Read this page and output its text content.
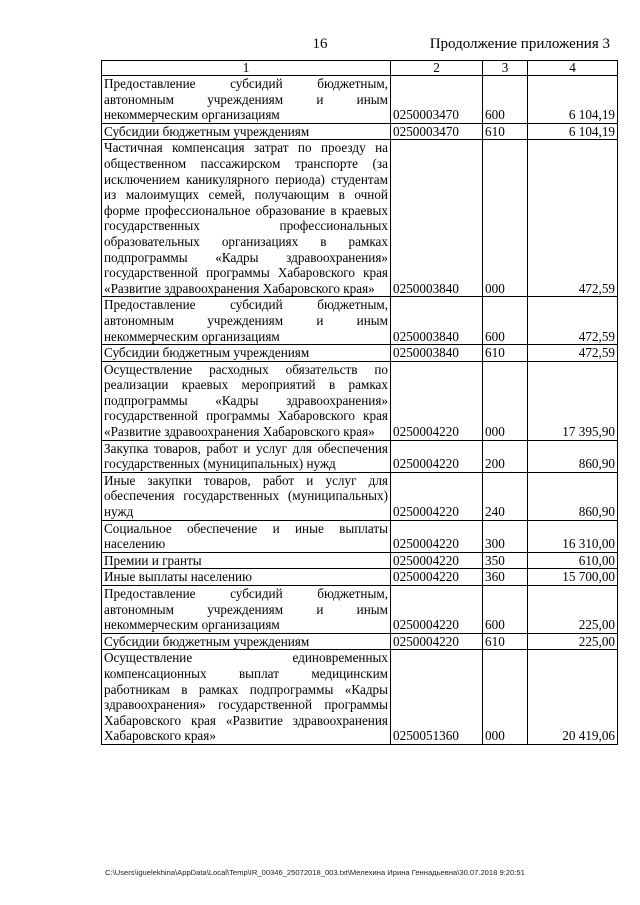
16	Продолжение приложения 3
1	2	3	4
Предоставление субсидий бюджетным, автономным учреждениям и иным некоммерческим организациям	0250003470	600	6 104,19
Субсидии бюджетным учреждениям	0250003470	610	6 104,19
Частичная компенсация затрат по проезду на общественном пассажирском транспорте (за исключением каникулярного периода) студентам из малоимущих семей, получающим в очной форме профессиональное образование в краевых государственных профессиональных образовательных организациях в рамках подпрограммы «Кадры здравоохранения» государственной программы Хабаровского края «Развитие здравоохранения Хабаровского края»	0250003840	000	472,59
Предоставление субсидий бюджетным, автономным учреждениям и иным некоммерческим организациям	0250003840	600	472,59
Субсидии бюджетным учреждениям	0250003840	610	472,59
Осуществление расходных обязательств по реализации краевых мероприятий в рамках подпрограммы «Кадры здравоохранения» государственной программы Хабаровского края «Развитие здравоохранения Хабаровского края»	0250004220	000	17 395,90
Закупка товаров, работ и услуг для обеспечения государственных (муниципальных) нужд	0250004220	200	860,90
Иные закупки товаров, работ и услуг для обеспечения государственных (муниципальных) нужд	0250004220	240	860,90
Социальное обеспечение и иные выплаты населению	0250004220	300	16 310,00
Премии и гранты	0250004220	350	610,00
Иные выплаты населению	0250004220	360	15 700,00
Предоставление субсидий бюджетным, автономным учреждениям и иным некоммерческим организациям	0250004220	600	225,00
Субсидии бюджетным учреждениям	0250004220	610	225,00
Осуществление единовременных компенсационных выплат медицинским работникам в рамках подпрограммы «Кадры здравоохранения» государственной программы Хабаровского края «Развитие здравоохранения Хабаровского края»	0250051360	000	20 419,06
C:\Users\iguelekhina\AppData\Local\Temp\IR_00346_25072018_003.txt\Мелехина Ирина Геннадьевна\30.07.2018 9:20:51
